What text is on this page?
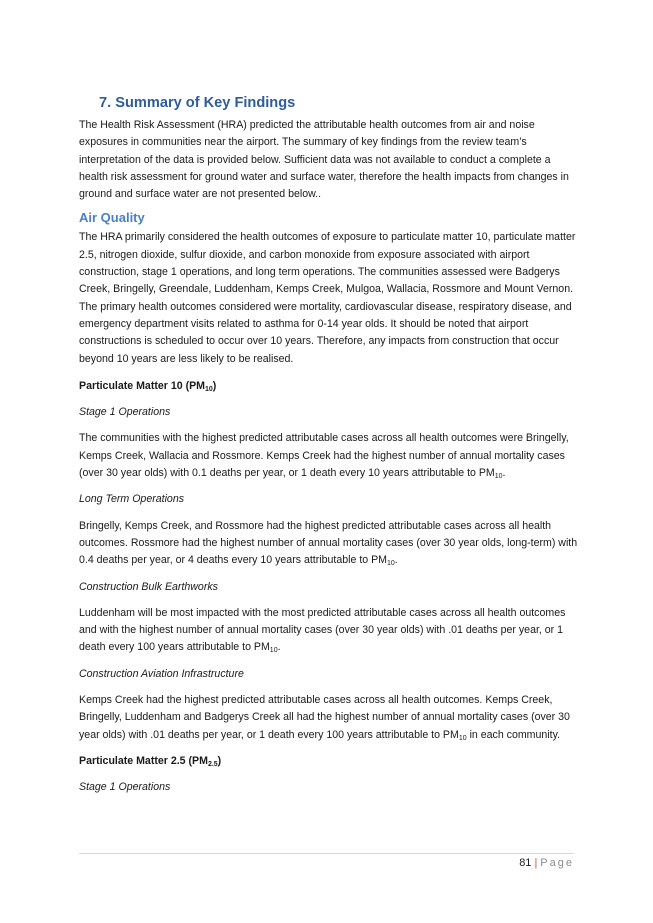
7. Summary of Key Findings

The Health Risk Assessment (HRA) predicted the attributable health outcomes from air and noise exposures in communities near the airport. The summary of key findings from the review team’s interpretation of the data is provided below. Sufficient data was not available to conduct a complete a health risk assessment for ground water and surface water, therefore the health impacts from changes in ground and surface water are not presented below..

Air Quality

The HRA primarily considered the health outcomes of exposure to particulate matter 10, particulate matter 2.5, nitrogen dioxide, sulfur dioxide, and carbon monoxide from exposure associated with airport construction, stage 1 operations, and long term operations. The communities assessed were Badgerys Creek, Bringelly, Greendale, Luddenham, Kemps Creek, Mulgoa, Wallacia, Rossmore and Mount Vernon. The primary health outcomes considered were mortality, cardiovascular disease, respiratory disease, and emergency department visits related to asthma for 0-14 year olds. It should be noted that airport constructions is scheduled to occur over 10 years. Therefore, any impacts from construction that occur beyond 10 years are less likely to be realised.

Particulate Matter 10 $(PM_{10})$

Stage 1 Operations

The communities with the highest predicted attributable cases across all health outcomes were Bringelly, Kemps Creek, Wallacia and Rossmore. Kemps Creek had the highest number of annual mortality cases (over 30 year olds) with 0.1 deaths per year, or 1 death every 10 years attributable to $PM_{10}$.

Long Term Operations

Bringelly, Kemps Creek, and Rossmore had the highest predicted attributable cases across all health outcomes. Rossmore had the highest number of annual mortality cases (over 30 year olds, long-term) with 0.4 deaths per year, or 4 deaths every 10 years attributable to $PM_{10}$.

Construction Bulk Earthworks

Luddenham will be most impacted with the most predicted attributable cases across all health outcomes and with the highest number of annual mortality cases (over 30 year olds) with .01 deaths per year, or 1 death every 100 years attributable to $PM_{10}$.

Construction Aviation Infrastructure

Kemps Creek had the highest predicted attributable cases across all health outcomes. Kemps Creek, Bringelly, Luddenham and Badgerys Creek all had the highest number of annual mortality cases (over 30 year olds) with .01 deaths per year, or 1 death every 100 years attributable to $PM_{10}$ in each community.

Particulate Matter 2.5 $(PM_{2.5})$

Stage 1 Operations

81 | Page
